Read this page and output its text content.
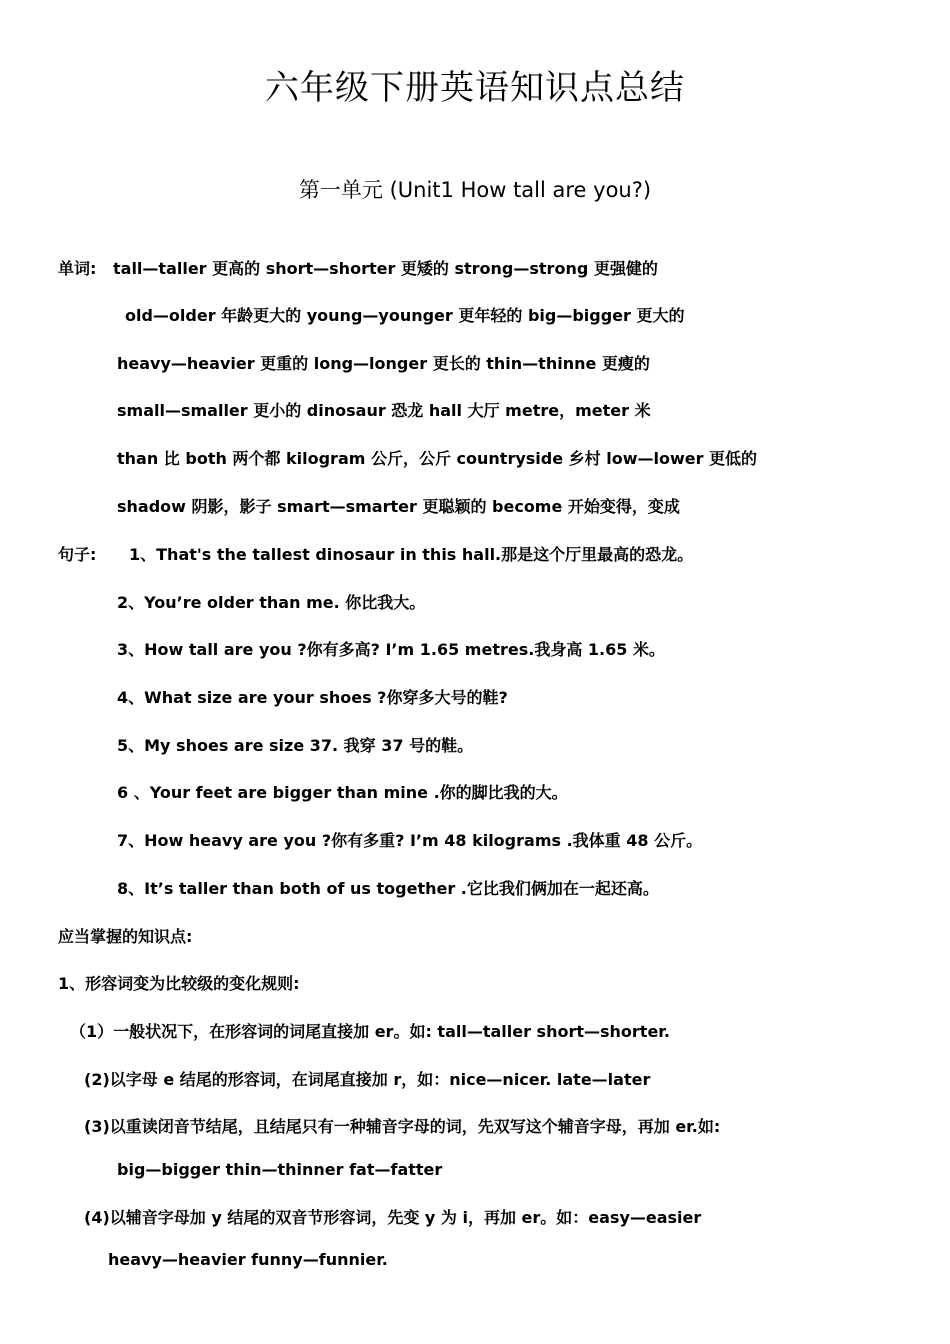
六年级下册英语知识点总结
第一单元 (Unit1 How tall are you?)
单词: tall—taller 更高的 short—shorter 更矮的 strong—strong 更强健的
old—older 年龄更大的 young—younger 更年轻的 big—bigger 更大的
heavy—heavier 更重的 long—longer 更长的 thin—thinne 更瘦的
small—smaller 更小的 dinosaur 恐龙 hall 大厅 metre，meter 米
than 比 both 两个都 kilogram 公斤，公斤 countryside 乡村 low—lower 更低的
shadow 阴影，影子 smart—smarter 更聪颖的 become 开始变得，变成
句子: 1、That's the tallest dinosaur in this hall.那是这个厅里最高的恐龙。
2、You’re older than me. 你比我大。
3、How tall are you ?你有多高? I’m 1.65 metres.我身高 1.65 米。
4、What size are your shoes ?你穿多大号的鞋?
5、My shoes are size 37. 我穿 37 号的鞋。
6 、Your feet are bigger than mine .你的脚比我的大。
7、How heavy are you ?你有多重? I’m 48 kilograms .我体重 48 公斤。
8、It’s taller than both of us together .它比我们俩加在一起还高。
应当掌握的知识点:
1、形容词变为比较级的变化规则:
（1）一般状况下，在形容词的词尾直接加 er。如: tall—taller short—shorter.
(2)以字母 e 结尾的形容词，在词尾直接加 r，如：nice—nicer. late—later
(3)以重读闭音节结尾，且结尾只有一种辅音字母的词，先双写这个辅音字母，再加 er.如:
big—bigger thin—thinner fat—fatter
(4)以辅音字母加 y 结尾的双音节形容词，先变 y 为 i，再加 er。如：easy—easier
heavy—heavier funny—funnier.
